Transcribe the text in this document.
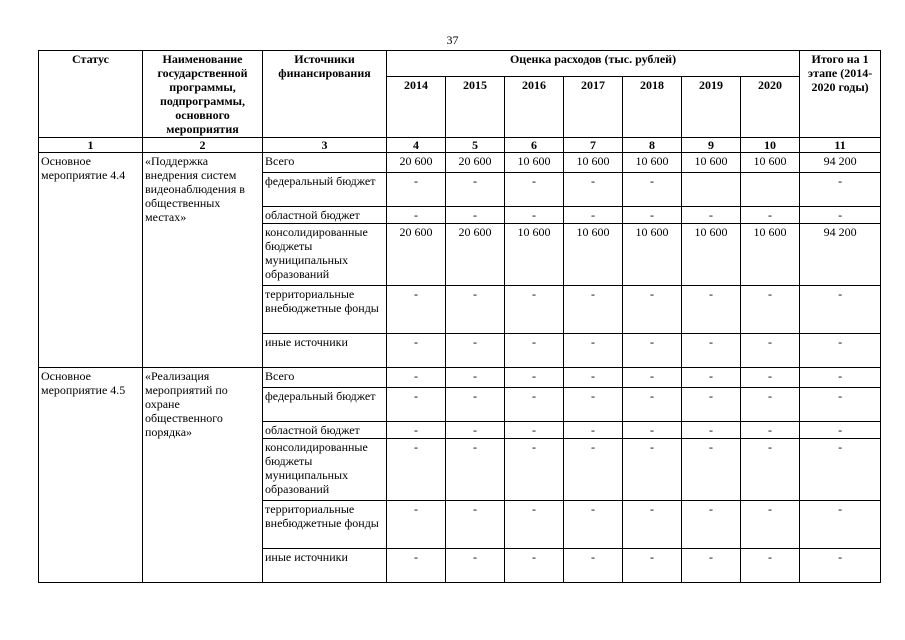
37
Статус	Наименование государственной программы, подпрограммы, основного мероприятия	Источники финансирования	Оценка расходов (тыс. рублей)							Итого на 1 этапе (2014-2020 годы)
			2014	2015	2016	2017	2018	2019	2020	
1	2	3	4	5	6	7	8	9	10	11
Основное мероприятие 4.4	«Поддержка внедрения систем видеонаблюдения в общественных местах»	Всего	20 600	20 600	10 600	10 600	10 600	10 600	10 600	94 200
		федеральный бюджет	-	-	-	-	-			-
		областной бюджет	-	-	-	-	-	-	-	-
		консолидированные бюджеты муниципальных образований	20 600	20 600	10 600	10 600	10 600	10 600	10 600	94 200
		территориальные внебюджетные фонды	-	-	-	-	-	-	-	-
		иные источники	-	-	-	-	-	-	-	-
Основное мероприятие 4.5	«Реализация мероприятий по охране общественного порядка»	Всего	-	-	-	-	-	-	-	-
		федеральный бюджет	-	-	-	-	-	-	-	-
		областной бюджет	-	-	-	-	-	-	-	-
		консолидированные бюджеты муниципальных образований	-	-	-	-	-	-	-	-
		территориальные внебюджетные фонды	-	-	-	-	-	-	-	-
		иные источники	-	-	-	-	-	-	-	-
